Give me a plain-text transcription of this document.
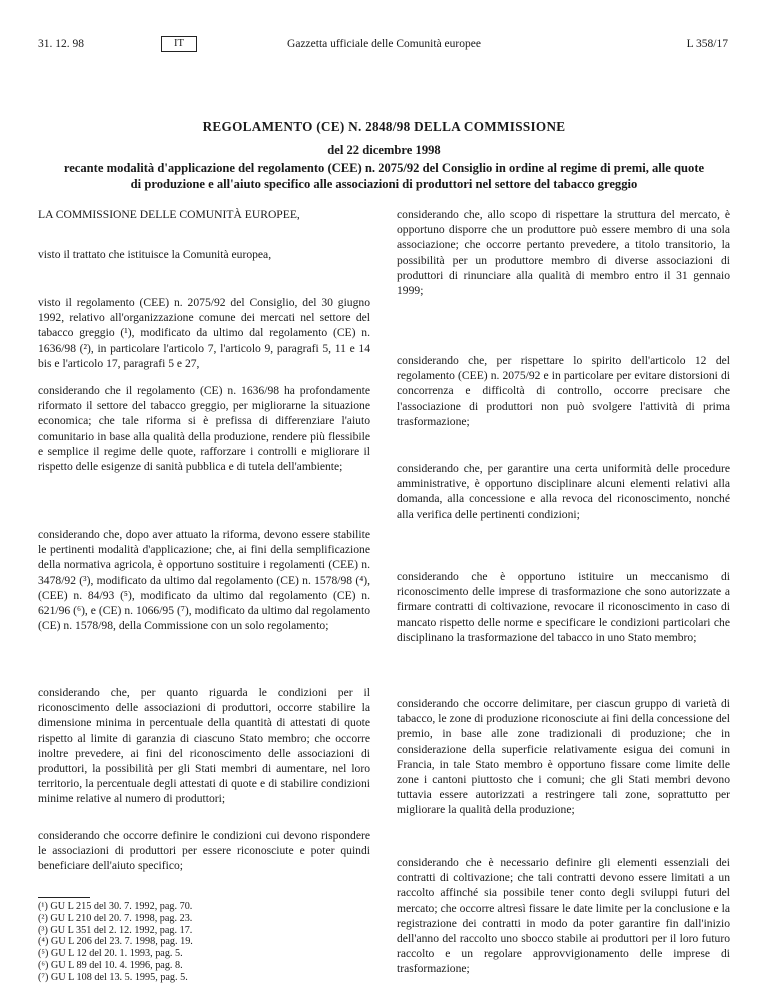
31. 12. 98	IT	Gazzetta ufficiale delle Comunità europee	L 358/17
REGOLAMENTO (CE) N. 2848/98 DELLA COMMISSIONE
del 22 dicembre 1998
recante modalità d'applicazione del regolamento (CEE) n. 2075/92 del Consiglio in ordine al regime di premi, alle quote di produzione e all'aiuto specifico alle associazioni di produttori nel settore del tabacco greggio

LA COMMISSIONE DELLE COMUNITÀ EUROPEE,

visto il trattato che istituisce la Comunità europea,

visto il regolamento (CEE) n. 2075/92 del Consiglio, del 30 giugno 1992, relativo all'organizzazione comune dei mercati nel settore del tabacco greggio (¹), modificato da ultimo dal regolamento (CE) n. 1636/98 (²), in particolare l'articolo 7, l'articolo 9, paragrafi 5, 11 e 14 bis e l'articolo 17, paragrafi 5 e 27,

considerando che il regolamento (CE) n. 1636/98 ha profondamente riformato il settore del tabacco greggio, per migliorarne la situazione economica; che tale riforma si è prefissa di differenziare l'aiuto comunitario in base alla qualità della produzione, rendere più flessibile e semplice il regime delle quote, rafforzare i controlli e migliorare il rispetto delle esigenze di sanità pubblica e di tutela dell'ambiente;

considerando che, dopo aver attuato la riforma, devono essere stabilite le pertinenti modalità d'applicazione; che, ai fini della semplificazione della normativa agricola, è opportuno sostituire i regolamenti (CEE) n. 3478/92 (³), modificato da ultimo dal regolamento (CE) n. 1578/98 (⁴), (CEE) n. 84/93 (⁵), modificato da ultimo dal regolamento (CE) n. 621/96 (⁶), e (CE) n. 1066/95 (⁷), modificato da ultimo dal regolamento (CE) n. 1578/98, della Commissione con un solo regolamento;

considerando che, per quanto riguarda le condizioni per il riconoscimento delle associazioni di produttori, occorre stabilire la dimensione minima in percentuale della quantità di attestati di quote rispetto al limite di garanzia di ciascuno Stato membro; che occorre inoltre prevedere, ai fini del riconoscimento delle associazioni di produttori, la possibilità per gli Stati membri di aumentare, nel loro territorio, la percentuale degli attestati di quote e di stabilire condizioni minime relative al numero di produttori;

considerando che occorre definire le condizioni cui devono rispondere le associazioni di produttori per essere riconosciute e poter quindi beneficiare dell'aiuto specifico;

(¹) GU L 215 del 30. 7. 1992, pag. 70.
(²) GU L 210 del 20. 7. 1998, pag. 23.
(³) GU L 351 del 2. 12. 1992, pag. 17.
(⁴) GU L 206 del 23. 7. 1998, pag. 19.
(⁵) GU L 12 del 20. 1. 1993, pag. 5.
(⁶) GU L 89 del 10. 4. 1996, pag. 8.
(⁷) GU L 108 del 13. 5. 1995, pag. 5.

considerando che, allo scopo di rispettare la struttura del mercato, è opportuno disporre che un produttore può essere membro di una sola associazione; che occorre pertanto prevedere, a titolo transitorio, la possibilità per un produttore membro di diverse associazioni di produttori di rinunciare alla qualità di membro entro il 31 gennaio 1999;

considerando che, per rispettare lo spirito dell'articolo 12 del regolamento (CEE) n. 2075/92 e in particolare per evitare distorsioni di concorrenza e difficoltà di controllo, occorre precisare che l'associazione di produttori non può svolgere l'attività di prima trasformazione;

considerando che, per garantire una certa uniformità delle procedure amministrative, è opportuno disciplinare alcuni elementi relativi alla domanda, alla concessione e alla revoca del riconoscimento, nonché alla verifica delle pertinenti condizioni;

considerando che è opportuno istituire un meccanismo di riconoscimento delle imprese di trasformazione che sono autorizzate a firmare contratti di coltivazione, revocare il riconoscimento in caso di mancato rispetto delle norme e specificare le condizioni particolari che disciplinano la trasformazione del tabacco in uno Stato membro;

considerando che occorre delimitare, per ciascun gruppo di varietà di tabacco, le zone di produzione riconosciute ai fini della concessione del premio, in base alle zone tradizionali di produzione; che in considerazione della superficie relativamente esigua dei comuni in Francia, in tale Stato membro è opportuno fissare come limite delle zone i cantoni piuttosto che i comuni; che gli Stati membri devono tuttavia essere autorizzati a restringere tali zone, soprattutto per migliorare la qualità della produzione;

considerando che è necessario definire gli elementi essenziali dei contratti di coltivazione; che tali contratti devono essere limitati a un raccolto affinché sia possibile tener conto degli sviluppi futuri del mercato; che occorre altresì fissare le date limite per la conclusione e la registrazione dei contratti in modo da poter garantire fin dall'inizio dell'anno del raccolto uno sbocco stabile ai produttori per il loro futuro raccolto e un regolare approvvigionamento delle imprese di trasformazione;
